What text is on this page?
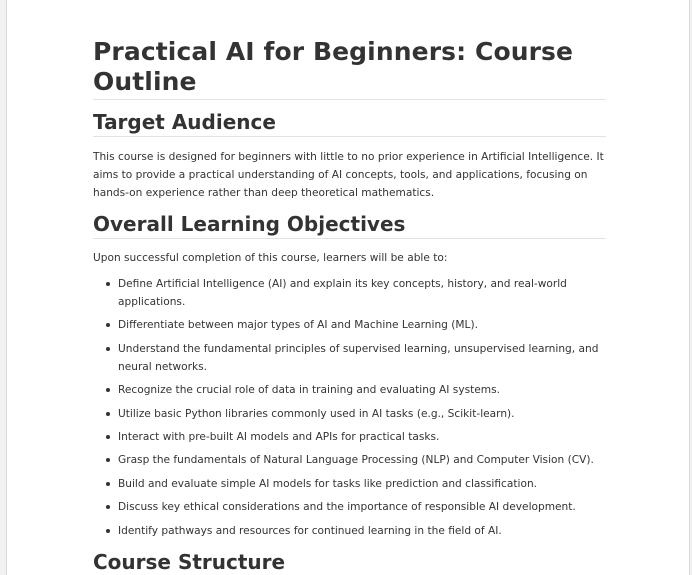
Practical AI for Beginners: Course Outline
Target Audience

This course is designed for beginners with little to no prior experience in Artificial Intelligence. It aims to provide a practical understanding of AI concepts, tools, and applications, focusing on hands-on experience rather than deep theoretical mathematics.

Overall Learning Objectives

Upon successful completion of this course, learners will be able to:

Define Artificial Intelligence (AI) and explain its key concepts, history, and real-world applications.
Differentiate between major types of AI and Machine Learning (ML).
Understand the fundamental principles of supervised learning, unsupervised learning, and neural networks.
Recognize the crucial role of data in training and evaluating AI systems.
Utilize basic Python libraries commonly used in AI tasks (e.g., Scikit-learn).
Interact with pre-built AI models and APIs for practical tasks.
Grasp the fundamentals of Natural Language Processing (NLP) and Computer Vision (CV).
Build and evaluate simple AI models for tasks like prediction and classification.
Discuss key ethical considerations and the importance of responsible AI development.
Identify pathways and resources for continued learning in the field of AI.
Course Structure
